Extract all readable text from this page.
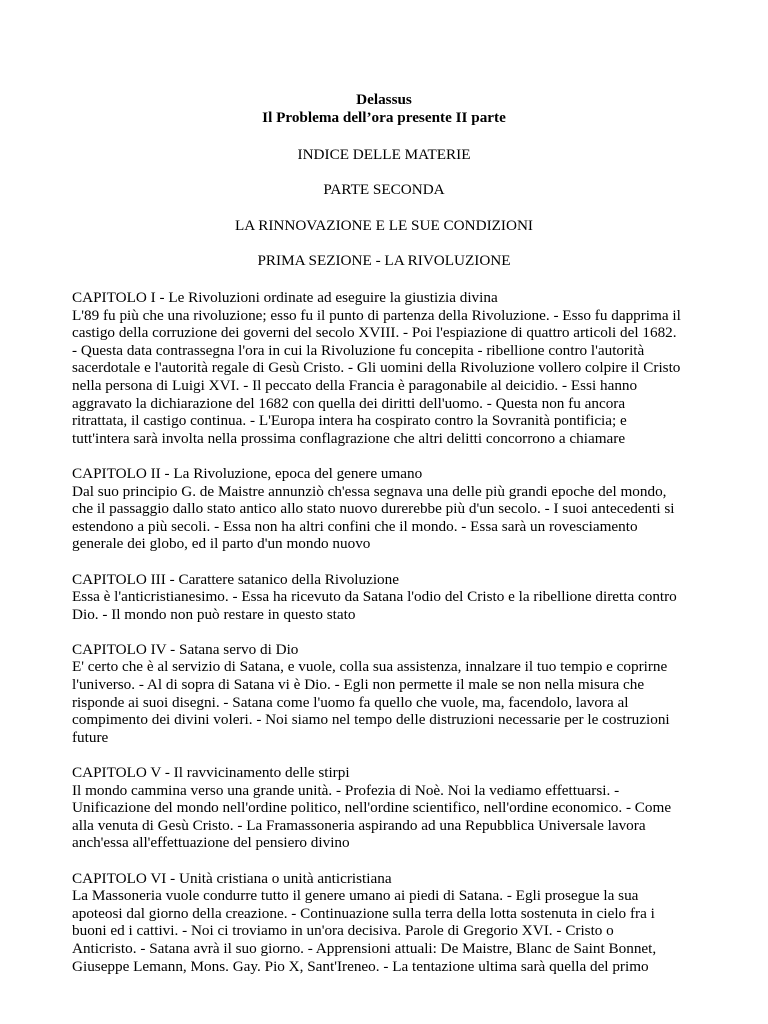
Delassus

Il Problema dell’ora presente II parte

INDICE DELLE MATERIE

PARTE SECONDA

LA RINNOVAZIONE E LE SUE CONDIZIONI

PRIMA SEZIONE - LA RIVOLUZIONE

CAPITOLO I - Le Rivoluzioni ordinate ad eseguire la giustizia divina

L'89 fu più che una rivoluzione; esso fu il punto di partenza della Rivoluzione. - Esso fu dapprima il
castigo della corruzione dei governi del secolo XVIII. - Poi l'espiazione di quattro articoli del 1682.
- Questa data contrassegna l'ora in cui la Rivoluzione fu concepita - ribellione contro l'autorità
sacerdotale e l'autorità regale di Gesù Cristo. - Gli uomini della Rivoluzione vollero colpire il Cristo
nella persona di Luigi XVI. - Il peccato della Francia è paragonabile al deicidio. - Essi hanno
aggravato la dichiarazione del 1682 con quella dei diritti dell'uomo. - Questa non fu ancora
ritrattata, il castigo continua. - L'Europa intera ha cospirato contro la Sovranità pontificia; e
tutt'intera sarà involta nella prossima conflagrazione che altri delitti concorrono a chiamare

CAPITOLO II - La Rivoluzione, epoca del genere umano

Dal suo principio G. de Maistre annunziò ch'essa segnava una delle più grandi epoche del mondo,
che il passaggio dallo stato antico allo stato nuovo durerebbe più d'un secolo. - I suoi antecedenti si
estendono a più secoli. - Essa non ha altri confini che il mondo. - Essa sarà un rovesciamento
generale dei globo, ed il parto d'un mondo nuovo

CAPITOLO III - Carattere satanico della Rivoluzione

Essa è l'anticristianesimo. - Essa ha ricevuto da Satana l'odio del Cristo e la ribellione diretta contro
Dio. - Il mondo non può restare in questo stato

CAPITOLO IV - Satana servo di Dio

E' certo che è al servizio di Satana, e vuole, colla sua assistenza, innalzare il tuo tempio e coprirne
l'universo. - Al di sopra di Satana vi è Dio. - Egli non permette il male se non nella misura che
risponde ai suoi disegni. - Satana come l'uomo fa quello che vuole, ma, facendolo, lavora al
compimento dei divini voleri. - Noi siamo nel tempo delle distruzioni necessarie per le costruzioni
future

CAPITOLO V - Il ravvicinamento delle stirpi

Il mondo cammina verso una grande unità. - Profezia di Noè. Noi la vediamo effettuarsi. -
Unificazione del mondo nell'ordine politico, nell'ordine scientifico, nell'ordine economico. - Come
alla venuta di Gesù Cristo. - La Framassoneria aspirando ad una Repubblica Universale lavora
anch'essa all'effettuazione del pensiero divino

CAPITOLO VI - Unità cristiana o unità anticristiana

La Massoneria vuole condurre tutto il genere umano ai piedi di Satana. - Egli prosegue la sua
apoteosi dal giorno della creazione. - Continuazione sulla terra della lotta sostenuta in cielo fra i
buoni ed i cattivi. - Noi ci troviamo in un'ora decisiva. Parole di Gregorio XVI. - Cristo o
Anticristo. - Satana avrà il suo giorno. - Apprensioni attuali: De Maistre, Blanc de Saint Bonnet,
Giuseppe Lemann, Mons. Gay. Pio X, Sant'Ireneo. - La tentazione ultima sarà quella del primo
